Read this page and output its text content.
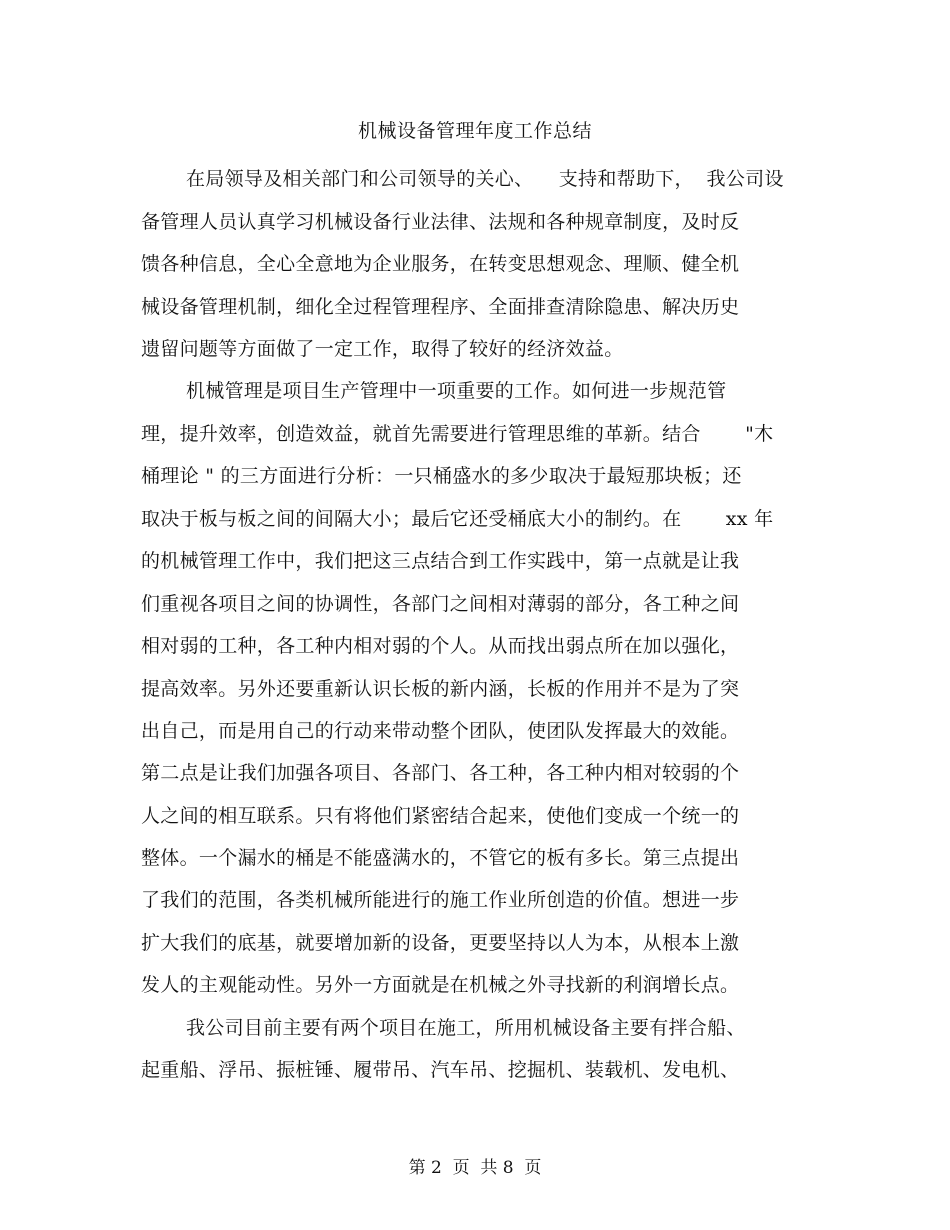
机械设备管理年度工作总结
在局领导及相关部门和公司领导的关心、    支持和帮助下，  我公司设
备管理人员认真学习机械设备行业法律、法规和各种规章制度，及时反
馈各种信息，全心全意地为企业服务，在转变思想观念、理顺、健全机
械设备管理机制，细化全过程管理程序、全面排查清除隐患、解决历史
遗留问题等方面做了一定工作，取得了较好的经济效益。
机械管理是项目生产管理中一项重要的工作。如何进一步规范管
理，提升效率，创造效益，就首先需要进行管理思维的革新。结合       "木
桶理论 " 的三方面进行分析：一只桶盛水的多少取决于最短那块板；还
取决于板与板之间的间隔大小；最后它还受桶底大小的制约。在       xx 年
的机械管理工作中，我们把这三点结合到工作实践中，第一点就是让我
们重视各项目之间的协调性，各部门之间相对薄弱的部分，各工种之间
相对弱的工种，各工种内相对弱的个人。从而找出弱点所在加以强化，
提高效率。另外还要重新认识长板的新内涵，长板的作用并不是为了突
出自己，而是用自己的行动来带动整个团队，使团队发挥最大的效能。
第二点是让我们加强各项目、各部门、各工种，各工种内相对较弱的个
人之间的相互联系。只有将他们紧密结合起来，使他们变成一个统一的
整体。一个漏水的桶是不能盛满水的，不管它的板有多长。第三点提出
了我们的范围，各类机械所能进行的施工作业所创造的价值。想进一步
扩大我们的底基，就要增加新的设备，更要坚持以人为本，从根本上激
发人的主观能动性。另外一方面就是在机械之外寻找新的利润增长点。
我公司目前主要有两个项目在施工，所用机械设备主要有拌合船、
起重船、浮吊、振桩锤、履带吊、汽车吊、挖掘机、装载机、发电机、
第 2  页  共 8  页
